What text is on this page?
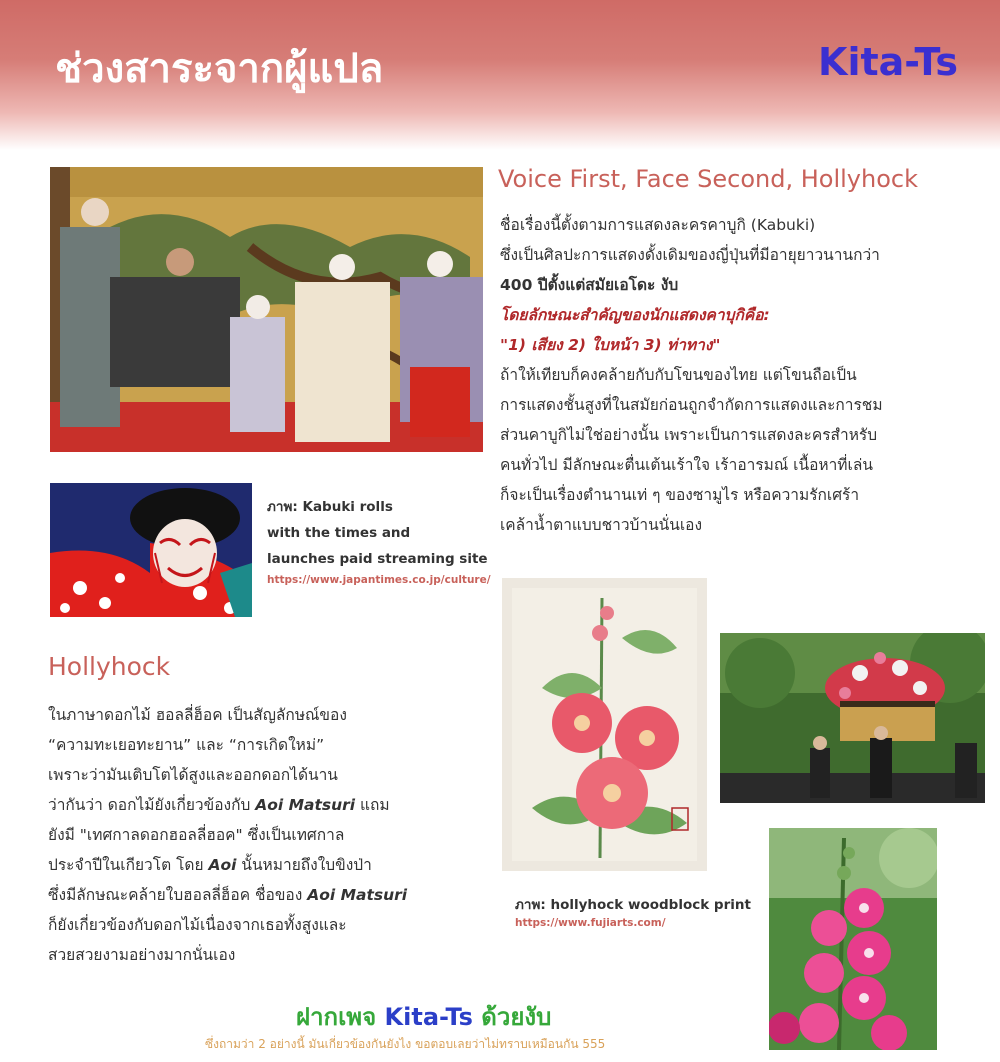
ช่วงสาระจากผู้แปล	Kita-Ts
Voice First, Face Second, Hollyhock

ชื่อเรื่องนี้ตั้งตามการแสดงละครคาบูกิ (Kabuki)

ซึ่งเป็นศิลปะการแสดงดั้งเดิมของญี่ปุ่นที่มีอายุยาวนานกว่า

400 ปีตั้งแต่สมัยเอโดะ งับ

โดยลักษณะสำคัญของนักแสดงคาบุกิคือ:

"1) เสียง 2) ใบหน้า 3) ท่าทาง"

ถ้าให้เทียบก็คงคล้ายกับกับโขนของไทย แต่โขนถือเป็น

การแสดงชั้นสูงที่ในสมัยก่อนถูกจำกัดการแสดงและการชม

ส่วนคาบูกิไม่ใช่อย่างนั้น เพราะเป็นการแสดงละครสำหรับ

คนทั่วไป มีลักษณะตื่นเต้นเร้าใจ เร้าอารมณ์ เนื้อหาที่เล่น

ก็จะเป็นเรื่องตำนานเท่ ๆ ของซามูไร หรือความรักเศร้า

เคล้าน้ำตาแบบชาวบ้านนั่นเอง

ภาพ: Kabuki rolls
with the times and
launches paid streaming site
https://www.japantimes.co.jp/culture/
Hollyhock

ในภาษาดอกไม้ ฮอลลี่ฮ็อค เป็นสัญลักษณ์ของ

“ความทะเยอทะยาน” และ “การเกิดใหม่”

เพราะว่ามันเติบโตได้สูงและออกดอกได้นาน

ว่ากันว่า ดอกไม้ยังเกี่ยวข้องกับ Aoi Matsuri แถม

ยังมี "เทศกาลดอกฮอลลี่ฮอค" ซึ่งเป็นเทศกาล

ประจำปีในเกียวโต โดย Aoi นั้นหมายถึงใบขิงป่า

ซึ่งมีลักษณะคล้ายใบฮอลลี่ฮ็อค ชื่อของ Aoi Matsuri

ก็ยังเกี่ยวข้องกับดอกไม้เนื่องจากเธอทั้งสูงและ

สวยสวยงามอย่างมากนั่นเอง

ภาพ: hollyhock woodblock print
https://www.fujiarts.com/
ฝากเพจ Kita-Ts ด้วยงับ
ซึ่งถามว่า 2 อย่างนี้ มันเกี่ยวข้องกันยังไง ขอตอบเลยว่าไม่ทราบเหมือนกัน 555
